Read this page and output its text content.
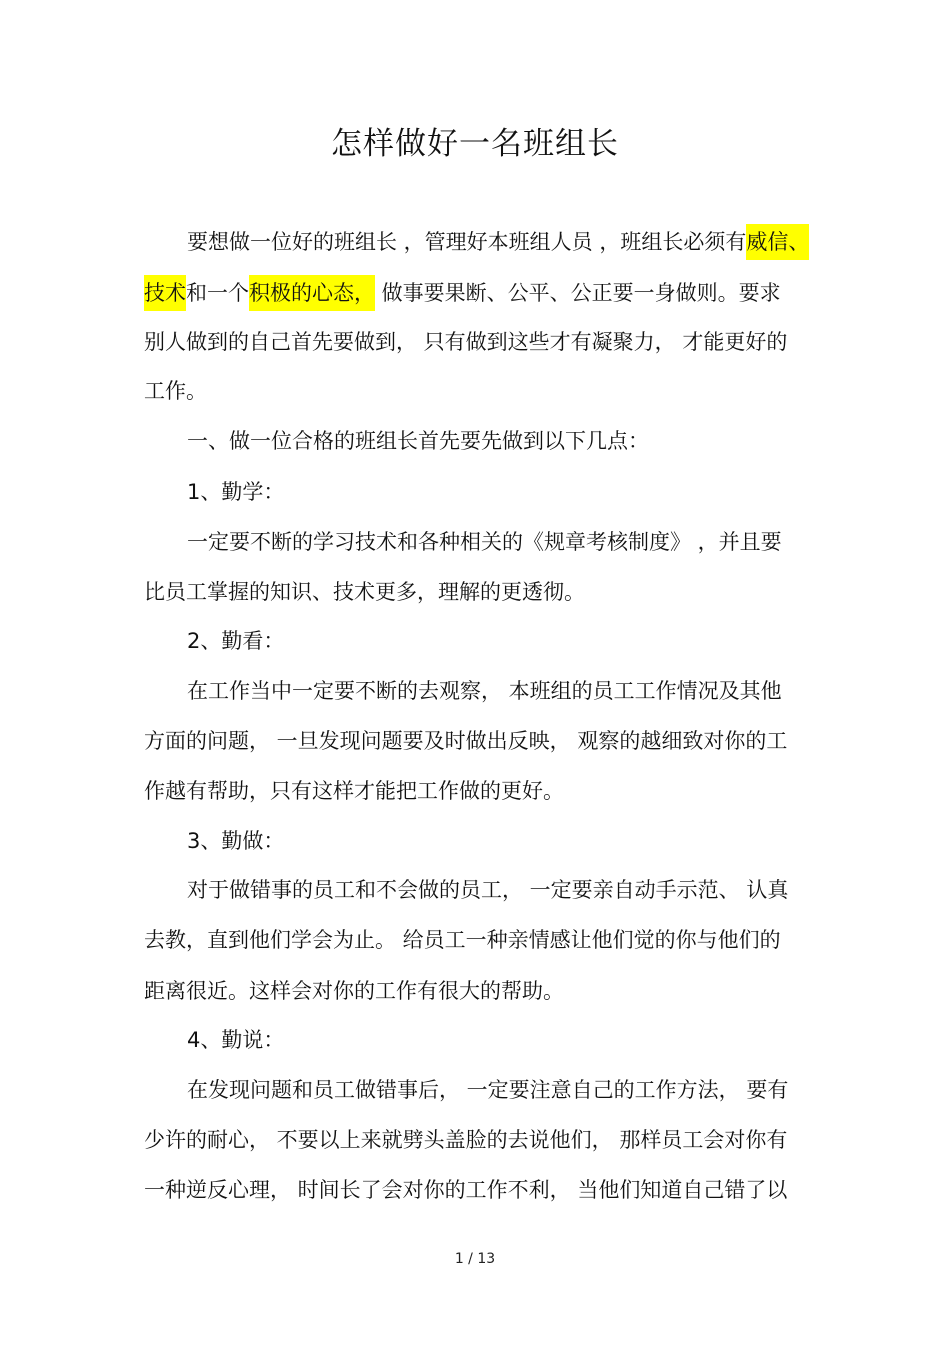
怎样做好一名班组长
要想做一位好的班组长 ，管理好本班组人员 ，班组长必须有威信、
技术和一个积极的心态， 做事要果断、公平、公正要一身做则。要求
别人做到的自己首先要做到， 只有做到这些才有凝聚力， 才能更好的
工作。
一、做一位合格的班组长首先要先做到以下几点：
1、勤学：
一定要不断的学习技术和各种相关的《规章考核制度》 ，并且要
比员工掌握的知识、技术更多，理解的更透彻。
2、勤看：
在工作当中一定要不断的去观察， 本班组的员工工作情况及其他
方面的问题， 一旦发现问题要及时做出反映， 观察的越细致对你的工
作越有帮助，只有这样才能把工作做的更好。
3、勤做：
对于做错事的员工和不会做的员工， 一定要亲自动手示范、 认真
去教，直到他们学会为止。 给员工一种亲情感让他们觉的你与他们的
距离很近。这样会对你的工作有很大的帮助。
4、勤说：
在发现问题和员工做错事后， 一定要注意自己的工作方法， 要有
少许的耐心， 不要以上来就劈头盖脸的去说他们， 那样员工会对你有
一种逆反心理， 时间长了会对你的工作不利， 当他们知道自己错了以
1 / 13
